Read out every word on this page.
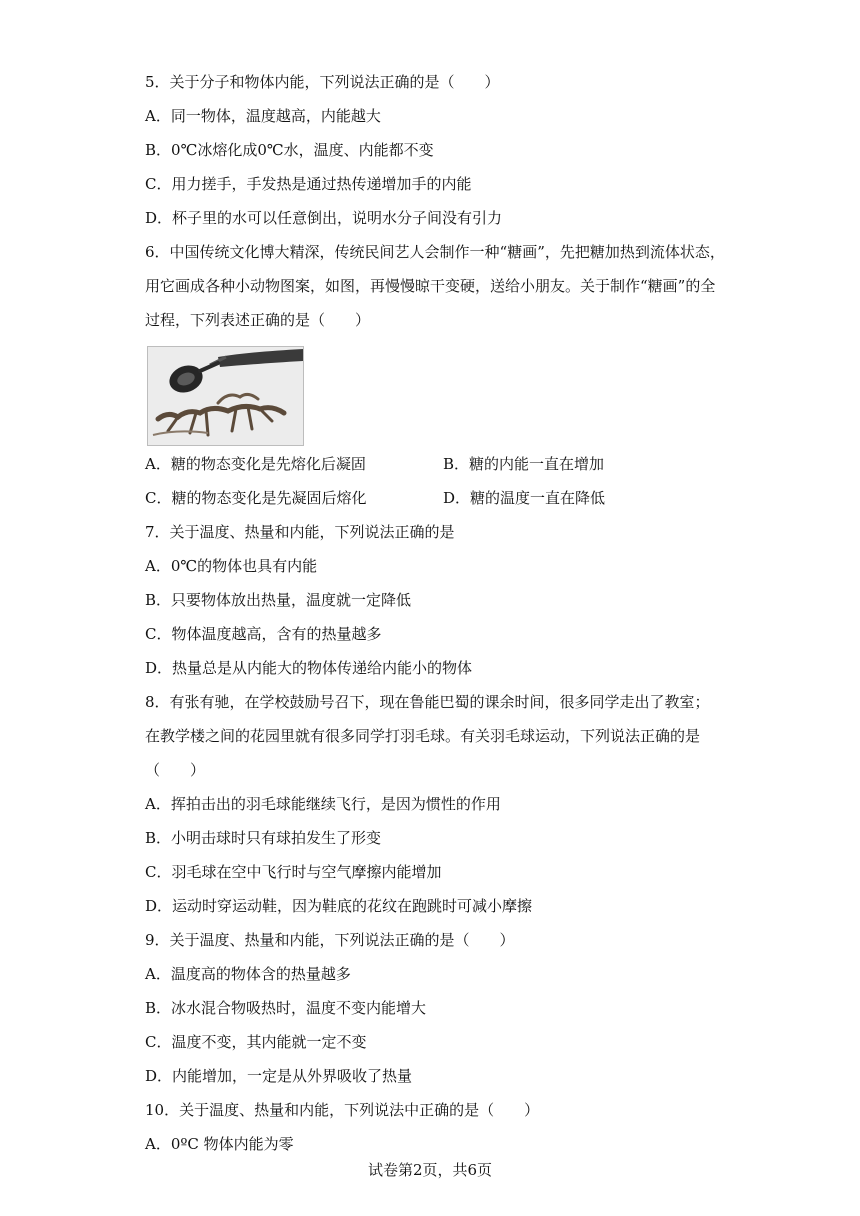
5．关于分子和物体内能，下列说法正确的是（　　）
A．同一物体，温度越高，内能越大
B．0℃冰熔化成0℃水，温度、内能都不变
C．用力搓手，手发热是通过热传递增加手的内能
D．杯子里的水可以任意倒出，说明水分子间没有引力
6．中国传统文化博大精深，传统民间艺人会制作一种“糖画”，先把糖加热到流体状态，
用它画成各种小动物图案，如图，再慢慢晾干变硬，送给小朋友。关于制作“糖画”的全
过程，下列表述正确的是（　　）
A．糖的物态变化是先熔化后凝固	B．糖的内能一直在增加
C．糖的物态变化是先凝固后熔化	D．糖的温度一直在降低
7．关于温度、热量和内能，下列说法正确的是
A．0℃的物体也具有内能
B．只要物体放出热量，温度就一定降低
C．物体温度越高，含有的热量越多
D．热量总是从内能大的物体传递给内能小的物体
8．有张有驰，在学校鼓励号召下，现在鲁能巴蜀的课余时间，很多同学走出了教室；
在教学楼之间的花园里就有很多同学打羽毛球。有关羽毛球运动，下列说法正确的是
（　　）
A．挥拍击出的羽毛球能继续飞行，是因为惯性的作用
B．小明击球时只有球拍发生了形变
C．羽毛球在空中飞行时与空气摩擦内能增加
D．运动时穿运动鞋，因为鞋底的花纹在跑跳时可减小摩擦
9．关于温度、热量和内能，下列说法正确的是（　　）
A．温度高的物体含的热量越多
B．冰水混合物吸热时，温度不变内能增大
C．温度不变，其内能就一定不变
D．内能增加，一定是从外界吸收了热量
10．关于温度、热量和内能，下列说法中正确的是（　　）
A．0ºC 物体内能为零
试卷第2页，共6页
